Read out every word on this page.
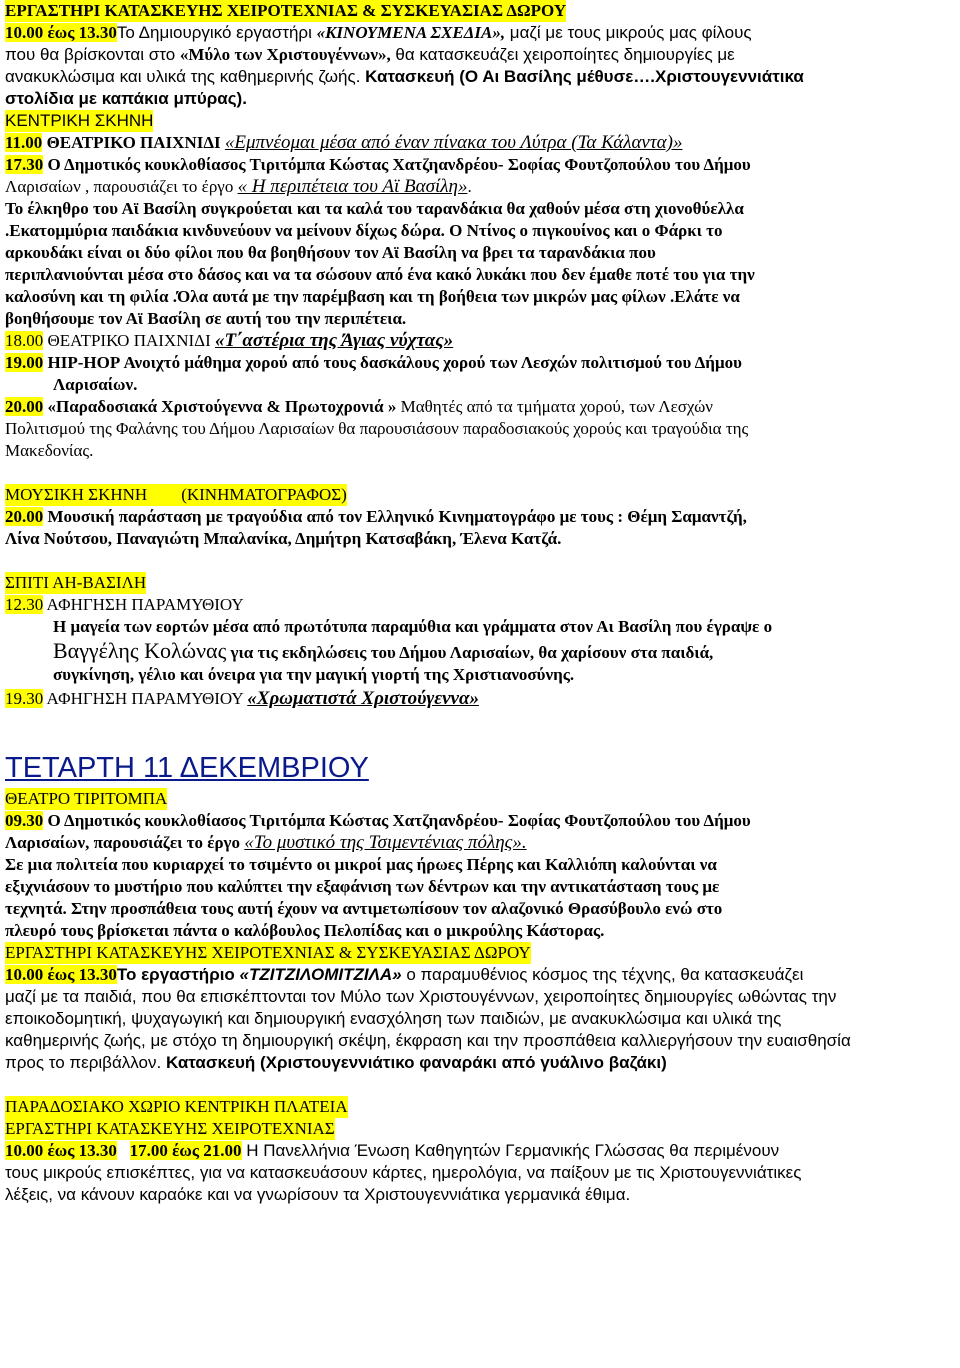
ΕΡΓΑΣΤΗΡΙ ΚΑΤΑΣΚΕΥΗΣ ΧΕΙΡΟΤΕΧΝΙΑΣ & ΣΥΣΚΕΥΑΣΙΑΣ ΔΩΡΟΥ
10.00 έως 13.30Το Δημιουργικό εργαστήρι «ΚΙΝΟΥΜΕΝΑ ΣΧΕΔΙΑ», μαζί με τους μικρούς μας φίλους
που θα βρίσκονται στο «Μύλο των Χριστουγέννων», θα κατασκευάζει χειροποίητες δημιουργίες με
ανακυκλώσιμα και υλικά της καθημερινής ζωής. Κατασκευή (Ο Αι Βασίλης μέθυσε….Χριστουγεννιάτικα
στολίδια με καπάκια μπύρας).
ΚΕΝΤΡΙΚΗ ΣΚΗΝΗ
11.00 ΘΕΑΤΡΙΚΟ ΠΑΙΧΝΙΔΙ «Εμπνέομαι μέσα από έναν πίνακα του Λύτρα (Τα Κάλαντα)»
17.30 Ο Δημοτικός κουκλοθίασος Τιριτόμπα Κώστας Χατζηανδρέου- Σοφίας Φουτζοπούλου του Δήμου
Λαρισαίων , παρουσιάζει το έργο « Η περιπέτεια του Αϊ Βασίλη».
Το έλκηθρο του Αϊ Βασίλη συγκρούεται και τα καλά του ταρανδάκια θα χαθούν μέσα στη χιονοθύελλα
.Εκατομμύρια παιδάκια κινδυνεύουν να μείνουν δίχως δώρα. Ο Ντίνος ο πιγκουίνος και ο Φάρκι το
αρκουδάκι είναι οι δύο φίλοι που θα βοηθήσουν τον Αϊ Βασίλη να βρει τα ταρανδάκια που
περιπλανιούνται μέσα στο δάσος και να τα σώσουν από ένα κακό λυκάκι που δεν έμαθε ποτέ του για την
καλοσύνη και τη φιλία .Όλα αυτά με την παρέμβαση και τη βοήθεια των μικρών μας φίλων .Ελάτε να
βοηθήσουμε τον Αϊ Βασίλη σε αυτή του την περιπέτεια.
18.00 ΘΕΑΤΡΙΚΟ ΠΑΙΧΝΙΔΙ «Τ΄αστέρια της Άγιας νύχτας»
19.00 HIP-HOP Ανοιχτό μάθημα χορού από τους δασκάλους χορού των Λεσχών πολιτισμού του Δήμου
Λαρισαίων.
20.00 «Παραδοσιακά Χριστούγεννα & Πρωτοχρονιά » Μαθητές από τα τμήματα χορού, των Λεσχών
Πολιτισμού της Φαλάνης του Δήμου Λαρισαίων θα παρουσιάσουν παραδοσιακούς χορούς και τραγούδια της
Μακεδονίας.
ΜΟΥΣΙΚΗ ΣΚΗΝΗ (ΚΙΝΗΜΑΤΟΓΡΑΦΟΣ)
20.00 Μουσική παράσταση με τραγούδια από τον Ελληνικό Κινηματογράφο με τους : Θέμη Σαμαντζή,
Λίνα Νούτσου, Παναγιώτη Μπαλανίκα, Δημήτρη Κατσαβάκη, Έλενα Κατζά.
ΣΠΙΤΙ ΑΗ-ΒΑΣΙΛΗ
12.30 ΑΦΗΓΗΣΗ ΠΑΡΑΜΥΘΙΟΥ
Η μαγεία των εορτών μέσα από πρωτότυπα παραμύθια και γράμματα στον Αι Βασίλη που έγραψε ο
Βαγγέλης Κολώνας για τις εκδηλώσεις του Δήμου Λαρισαίων, θα χαρίσουν στα παιδιά,
συγκίνηση, γέλιο και όνειρα για την μαγική γιορτή της Χριστιανοσύνης.
19.30 ΑΦΗΓΗΣΗ ΠΑΡΑΜΥΘΙΟΥ «Χρωματιστά Χριστούγεννα»
ΤΕΤΑΡΤΗ 11 ΔΕΚΕΜΒΡΙΟΥ
ΘΕΑΤΡΟ ΤΙΡΙΤΟΜΠΑ
09.30 Ο Δημοτικός κουκλοθίασος Τιριτόμπα Κώστας Χατζηανδρέου- Σοφίας Φουτζοπούλου του Δήμου
Λαρισαίων, παρουσιάζει το έργο «Το μυστικό της Τσιμεντένιας πόλης».
Σε μια πολιτεία που κυριαρχεί το τσιμέντο οι μικροί μας ήρωες Πέρης και Καλλιόπη καλούνται να
εξιχνιάσουν το μυστήριο που καλύπτει την εξαφάνιση των δέντρων και την αντικατάσταση τους με
τεχνητά. Στην προσπάθεια τους αυτή έχουν να αντιμετωπίσουν τον αλαζονικό Θρασύβουλο ενώ στο
πλευρό τους βρίσκεται πάντα ο καλόβουλος Πελοπίδας και ο μικρούλης Κάστορας.
ΕΡΓΑΣΤΗΡΙ ΚΑΤΑΣΚΕΥΗΣ ΧΕΙΡΟΤΕΧΝΙΑΣ & ΣΥΣΚΕΥΑΣΙΑΣ ΔΩΡΟΥ
10.00 έως 13.30Το εργαστήριο «ΤΖΙΤΖΙΛΟΜΙΤΖΙΛΑ» ο παραμυθένιος κόσμος της τέχνης, θα κατασκευάζει
μαζί με τα παιδιά, που θα επισκέπτονται τον Μύλο των Χριστουγέννων, χειροποίητες δημιουργίες ωθώντας την
εποικοδομητική, ψυχαγωγική και δημιουργική ενασχόληση των παιδιών, με ανακυκλώσιμα και υλικά της
καθημερινής ζωής, με στόχο τη δημιουργική σκέψη, έκφραση και την προσπάθεια καλλιεργήσουν την ευαισθησία
προς το περιβάλλον. Κατασκευή (Χριστουγεννιάτικο φαναράκι από γυάλινο βαζάκι)
ΠΑΡΑΔΟΣΙΑΚΟ ΧΩΡΙΟ ΚΕΝΤΡΙΚΗ ΠΛΑΤΕΙΑ
ΕΡΓΑΣΤΗΡΙ ΚΑΤΑΣΚΕΥΗΣ ΧΕΙΡΟΤΕΧΝΙΑΣ
10.00 έως 13.30 17.00 έως 21.00 Η Πανελλήνια Ένωση Καθηγητών Γερμανικής Γλώσσας θα περιμένουν
τους μικρούς επισκέπτες, για να κατασκευάσουν κάρτες, ημερολόγια, να παίξουν με τις Χριστουγεννιάτικες
λέξεις, να κάνουν καραόκε και να γνωρίσουν τα Χριστουγεννιάτικα γερμανικά έθιμα.
